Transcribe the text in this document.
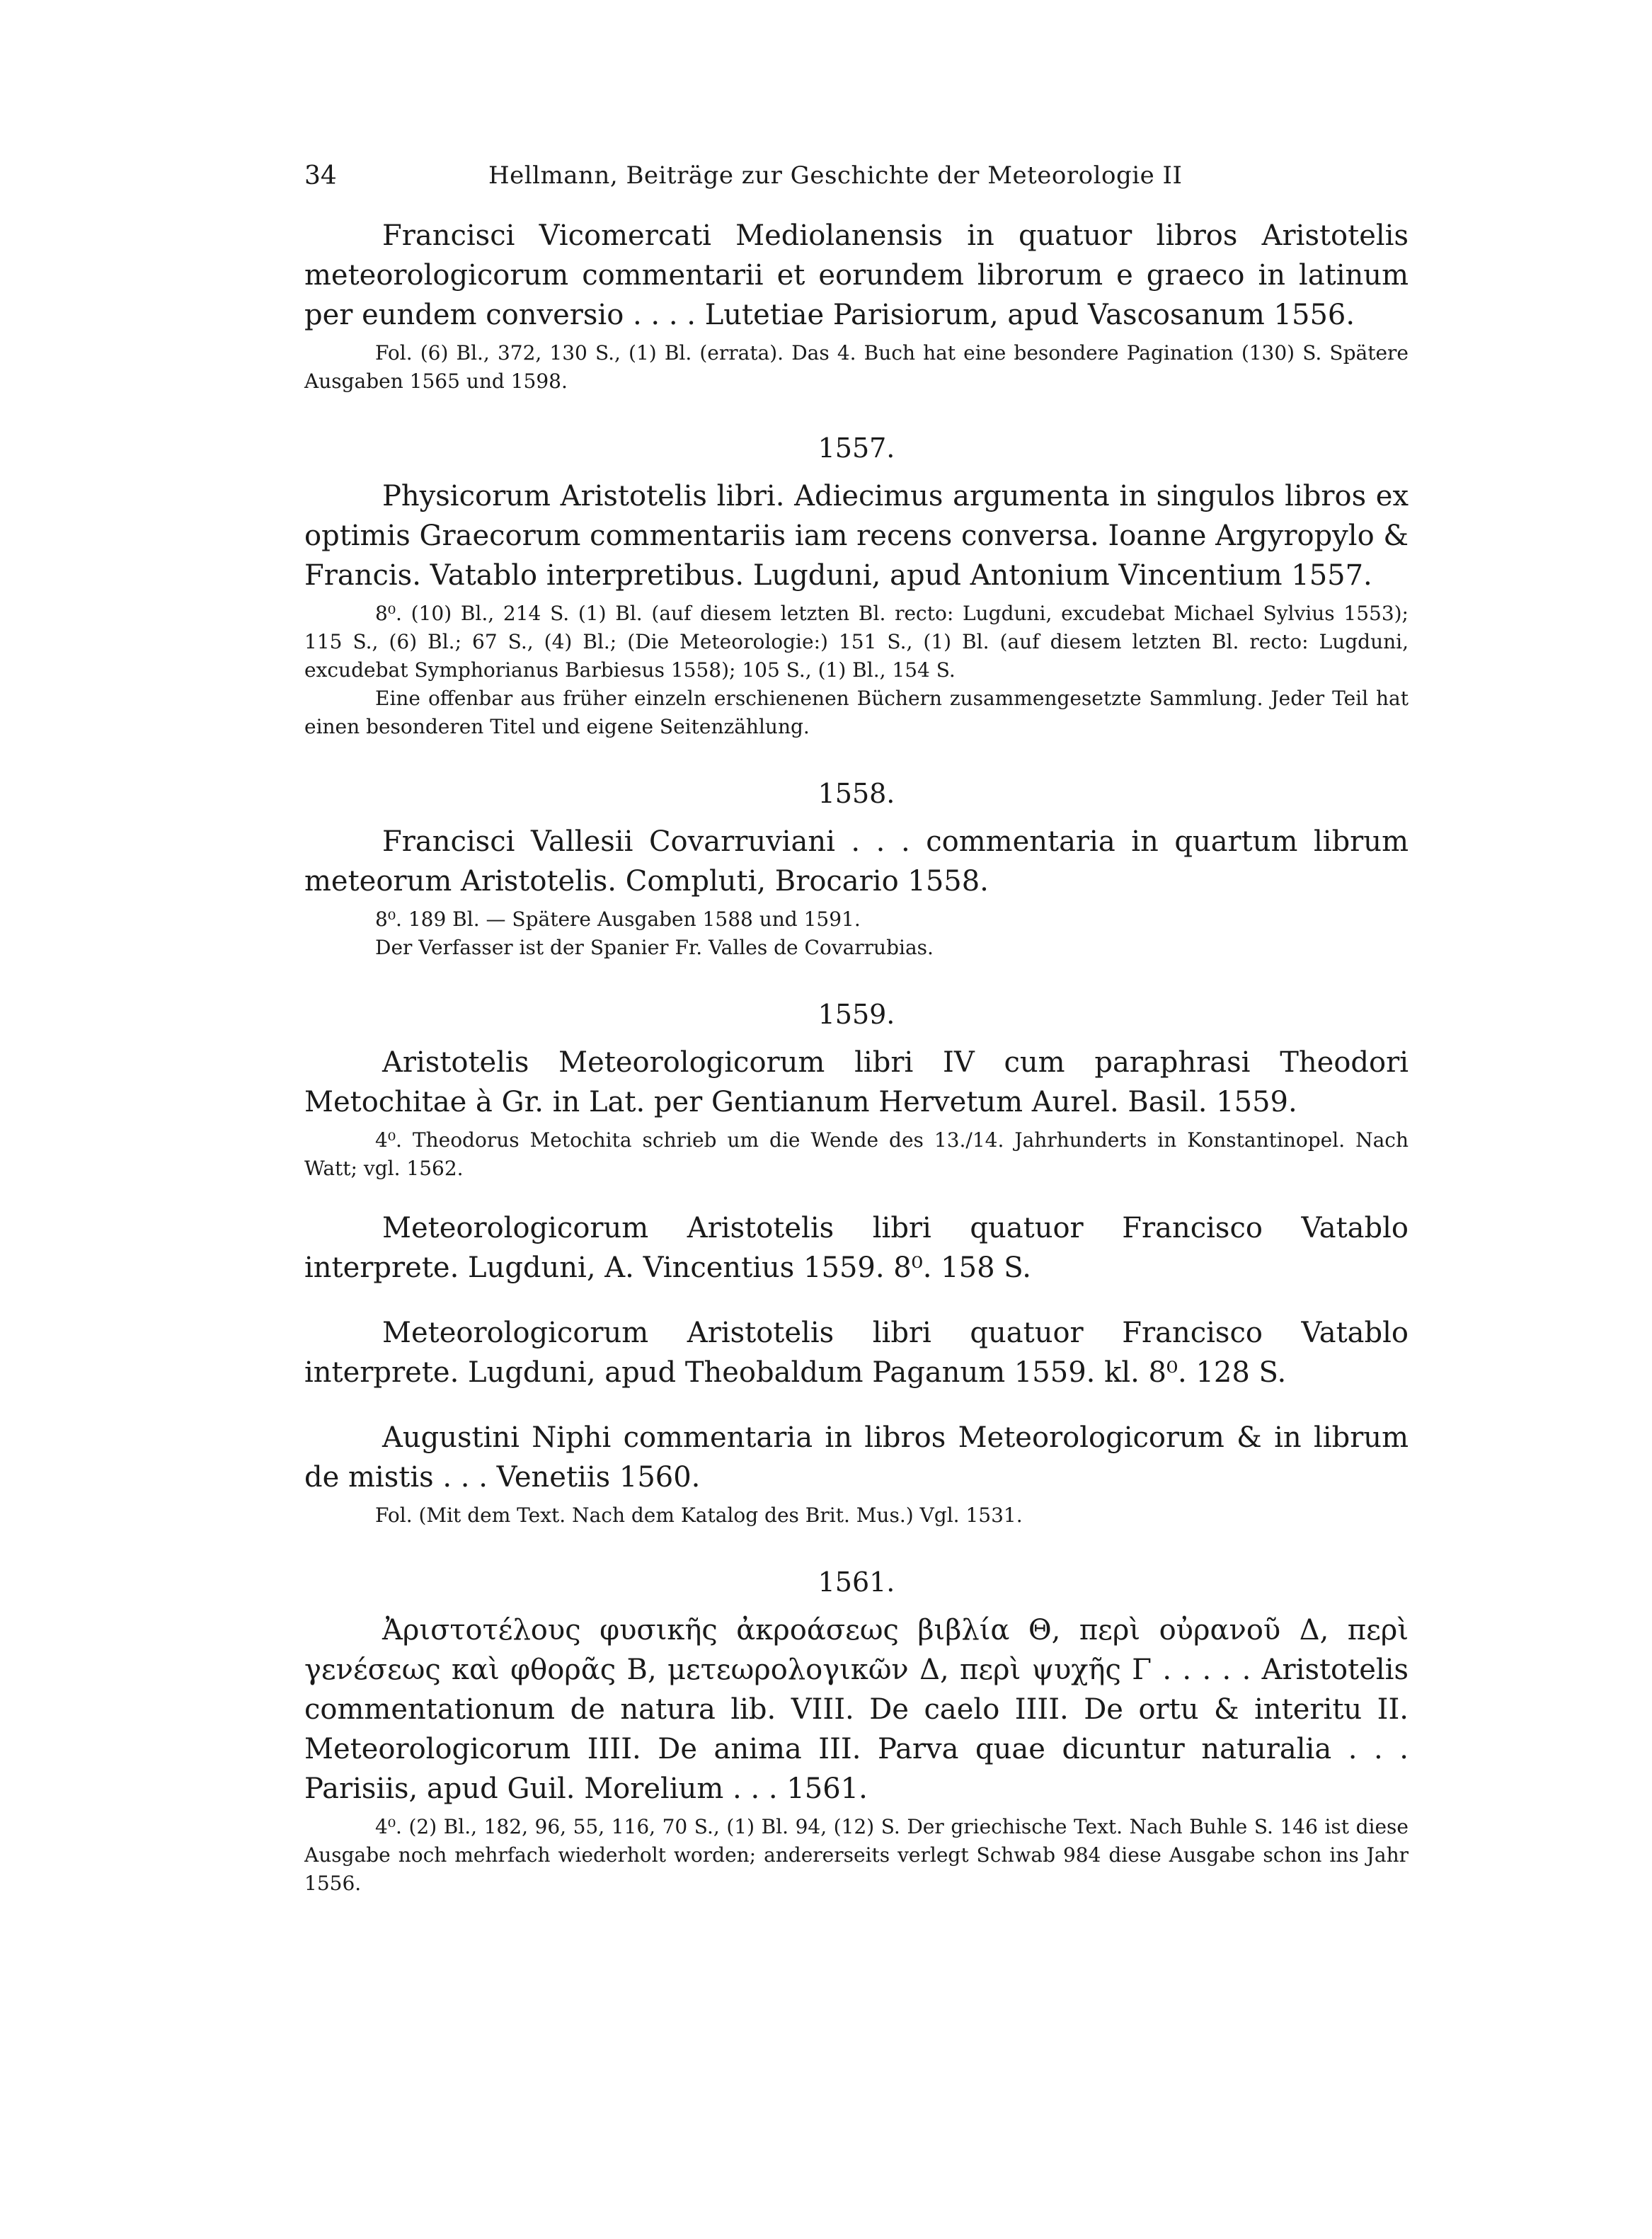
34	Hellmann, Beiträge zur Geschichte der Meteorologie II

Francisci Vicomercati Mediolanensis in quatuor libros Aristotelis meteorologicorum commentarii et eorundem librorum e graeco in latinum per eundem conversio . . . . Lutetiae Parisiorum, apud Vascosanum 1556.

Fol. (6) Bl., 372, 130 S., (1) Bl. (errata). Das 4. Buch hat eine besondere Pagination (130) S. Spätere Ausgaben 1565 und 1598.

1557.

Physicorum Aristotelis libri. Adiecimus argumenta in singulos libros ex optimis Graecorum commentariis iam recens conversa. Ioanne Argyropylo & Francis. Vatablo interpretibus. Lugduni, apud Antonium Vincentium 1557.

8⁰. (10) Bl., 214 S. (1) Bl. (auf diesem letzten Bl. recto: Lugduni, excudebat Michael Sylvius 1553); 115 S., (6) Bl.; 67 S., (4) Bl.; (Die Meteorologie:) 151 S., (1) Bl. (auf diesem letzten Bl. recto: Lugduni, excudebat Symphorianus Barbiesus 1558); 105 S., (1) Bl., 154 S.

Eine offenbar aus früher einzeln erschienenen Büchern zusammengesetzte Sammlung. Jeder Teil hat einen besonderen Titel und eigene Seitenzählung.

1558.

Francisci Vallesii Covarruviani . . . commentaria in quartum librum meteorum Aristotelis. Compluti, Brocario 1558.

8⁰. 189 Bl. — Spätere Ausgaben 1588 und 1591.

Der Verfasser ist der Spanier Fr. Valles de Covarrubias.

1559.

Aristotelis Meteorologicorum libri IV cum paraphrasi Theodori Metochitae à Gr. in Lat. per Gentianum Hervetum Aurel. Basil. 1559.

4⁰. Theodorus Metochita schrieb um die Wende des 13./14. Jahrhunderts in Konstantinopel. Nach Watt; vgl. 1562.

Meteorologicorum Aristotelis libri quatuor Francisco Vatablo interprete. Lugduni, A. Vincentius 1559. 8⁰. 158 S.

Meteorologicorum Aristotelis libri quatuor Francisco Vatablo interprete. Lugduni, apud Theobaldum Paganum 1559. kl. 8⁰. 128 S.

Augustini Niphi commentaria in libros Meteorologicorum & in librum de mistis . . . Venetiis 1560.

Fol. (Mit dem Text. Nach dem Katalog des Brit. Mus.) Vgl. 1531.

1561.

Ἀριστοτέλους φυσικῆς ἀκροάσεως βιβλία Θ, περὶ οὐρανοῦ Δ, περὶ γενέσεως καὶ φθορᾶς Β, μετεωρολογικῶν Δ, περὶ ψυχῆς Γ . . . . . Aristotelis commentationum de natura lib. VIII. De caelo IIII. De ortu & interitu II. Meteorologicorum IIII. De anima III. Parva quae dicuntur naturalia . . . Parisiis, apud Guil. Morelium . . . 1561.

4⁰. (2) Bl., 182, 96, 55, 116, 70 S., (1) Bl. 94, (12) S. Der griechische Text. Nach Buhle S. 146 ist diese Ausgabe noch mehrfach wiederholt worden; andererseits verlegt Schwab 984 diese Ausgabe schon ins Jahr 1556.
